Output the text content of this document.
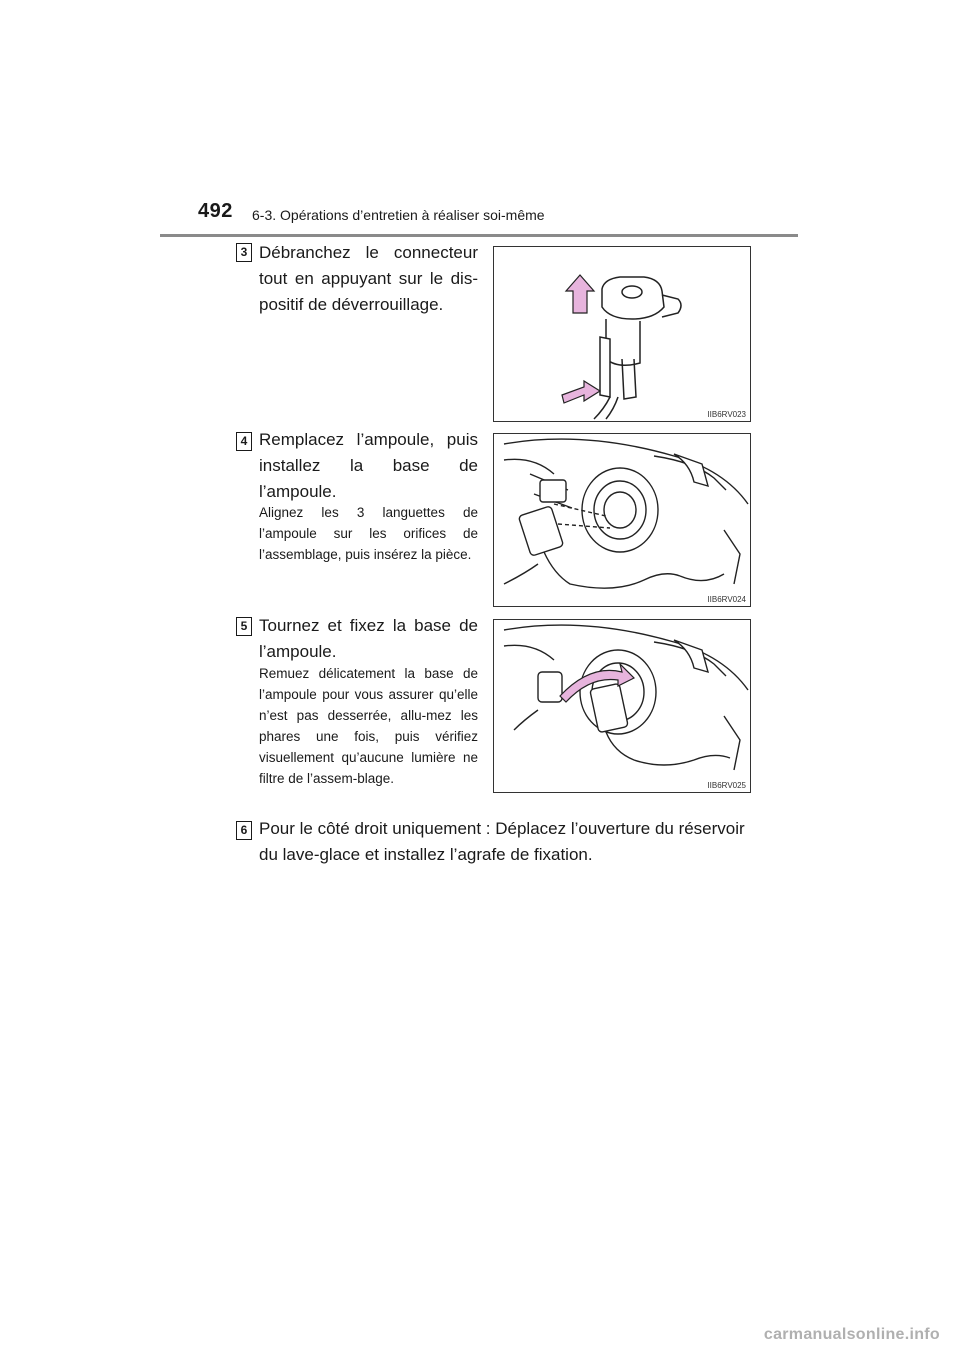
492 6-3. Opérations d’entretien à réaliser soi-même
3 Débranchez le connecteur tout en appuyant sur le dis-positif de déverrouillage.
IIB6RV023
4 Remplacez l’ampoule, puis installez la base de l’ampoule.
Alignez les 3 languettes de l’ampoule sur les orifices de l’assemblage, puis insérez la pièce.
IIB6RV024
5 Tournez et fixez la base de l’ampoule.
Remuez délicatement la base de l’ampoule pour vous assurer qu’elle n’est pas desserrée, allu-mez les phares une fois, puis vérifiez visuellement qu’aucune lumière ne filtre de l’assem-blage.	IIB6RV025
6 Pour le côté droit uniquement : Déplacez l’ouverture du réservoir du lave-glace et installez l’agrafe de fixation.
carmanualsonline.info
